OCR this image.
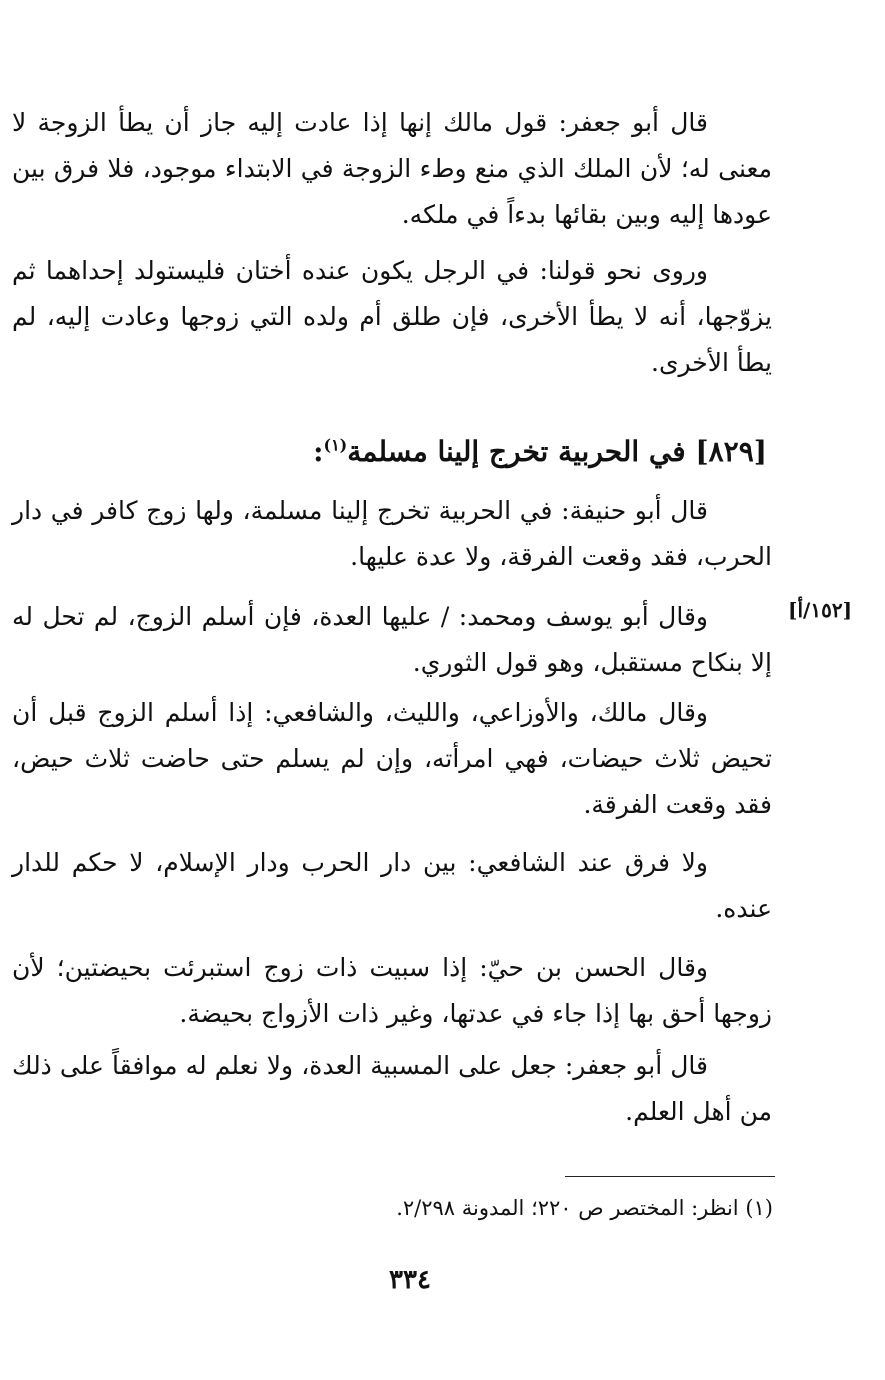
قال أبو جعفر: قول مالك إنها إذا عادت إليه جاز أن يطأ الزوجة لا معنى له؛ لأن الملك الذي منع وطء الزوجة في الابتداء موجود، فلا فرق بين عودها إليه وبين بقائها بدءاً في ملكه.

وروى نحو قولنا: في الرجل يكون عنده أختان فليستولد إحداهما ثم يزوّجها، أنه لا يطأ الأخرى، فإن طلق أم ولده التي زوجها وعادت إليه، لم يطأ الأخرى.

[٨٢٩] في الحربية تخرج إلينا مسلمة$^{(١)}$:

قال أبو حنيفة: في الحربية تخرج إلينا مسلمة، ولها زوج كافر في دار الحرب، فقد وقعت الفرقة، ولا عدة عليها.

[١٥٢/أ]

وقال أبو يوسف ومحمد: / عليها العدة، فإن أسلم الزوج، لم تحل له إلا بنكاح مستقبل، وهو قول الثوري.

وقال مالك، والأوزاعي، والليث، والشافعي: إذا أسلم الزوج قبل أن تحيض ثلاث حيضات، فهي امرأته، وإن لم يسلم حتى حاضت ثلاث حيض، فقد وقعت الفرقة.

ولا فرق عند الشافعي: بين دار الحرب ودار الإسلام، لا حكم للدار عنده.

وقال الحسن بن حيّ: إذا سبيت ذات زوج استبرئت بحيضتين؛ لأن زوجها أحق بها إذا جاء في عدتها، وغير ذات الأزواج بحيضة.

قال أبو جعفر: جعل على المسبية العدة، ولا نعلم له موافقاً على ذلك من أهل العلم.

(١) انظر: المختصر ص ٢٢٠؛ المدونة ٢/٢٩٨.

٣٣٤
